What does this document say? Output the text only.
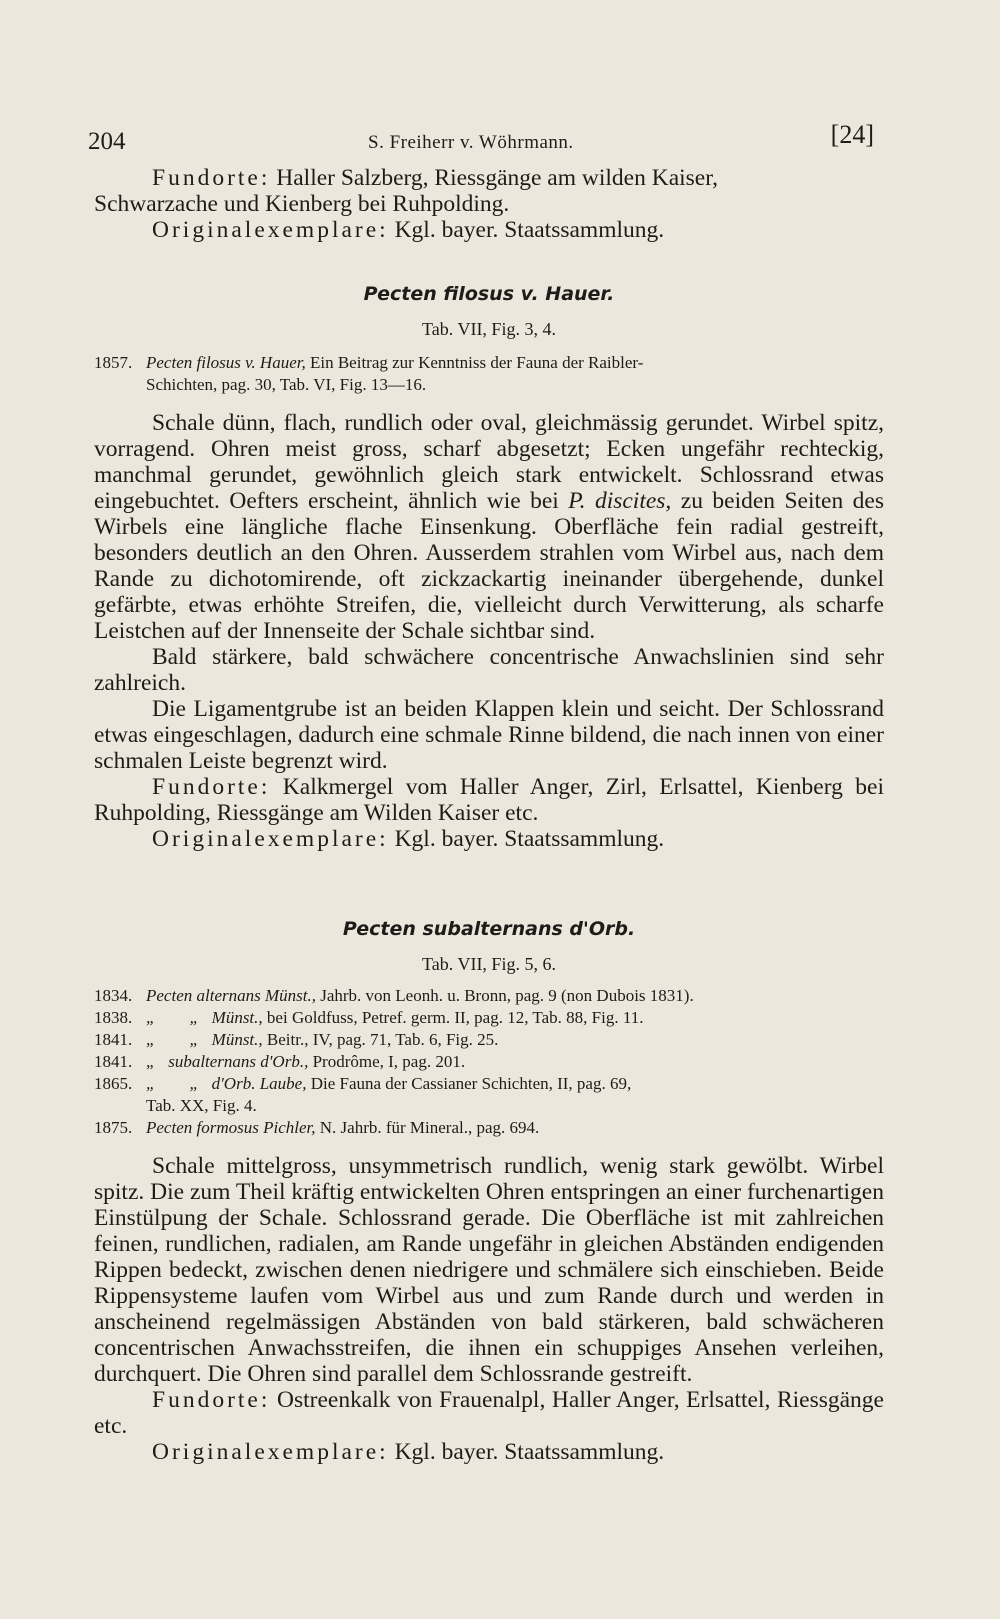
204	S. Freiherr v. Wöhrmann.	[24]

Fundorte: Haller Salzberg, Riessgänge am wilden Kaiser,

Schwarzache und Kienberg bei Ruhpolding.

Originalexemplare: Kgl. bayer. Staatssammlung.

Pecten filosus v. Hauer.

Tab. VII, Fig. 3, 4.

1857. Pecten filosus v. Hauer, Ein Beitrag zur Kenntniss der Fauna der Raibler-
Schichten, pag. 30, Tab. VI, Fig. 13—16.

Schale dünn, flach, rundlich oder oval, gleichmässig gerundet. Wirbel spitz, vorragend. Ohren meist gross, scharf abgesetzt; Ecken ungefähr rechteckig, manchmal gerundet, gewöhnlich gleich stark entwickelt. Schlossrand etwas eingebuchtet. Oefters erscheint, ähnlich wie bei P. discites, zu beiden Seiten des Wirbels eine längliche flache Einsenkung. Oberfläche fein radial gestreift, besonders deutlich an den Ohren. Ausserdem strahlen vom Wirbel aus, nach dem Rande zu dichotomirende, oft zickzackartig ineinander übergehende, dunkel gefärbte, etwas erhöhte Streifen, die, vielleicht durch Verwitterung, als scharfe Leistchen auf der Innenseite der Schale sichtbar sind.

Bald stärkere, bald schwächere concentrische Anwachslinien sind sehr zahlreich.

Die Ligamentgrube ist an beiden Klappen klein und seicht. Der Schlossrand etwas eingeschlagen, dadurch eine schmale Rinne bildend, die nach innen von einer schmalen Leiste begrenzt wird.

Fundorte: Kalkmergel vom Haller Anger, Zirl, Erlsattel, Kienberg bei Ruhpolding, Riessgänge am Wilden Kaiser etc.

Originalexemplare: Kgl. bayer. Staatssammlung.

Pecten subalternans d'Orb.

Tab. VII, Fig. 5, 6.

1834. Pecten alternans Münst., Jahrb. von Leonh. u. Bronn, pag. 9 (non Dubois 1831).
1838. „        „   Münst., bei Goldfuss, Petref. germ. II, pag. 12, Tab. 88, Fig. 11.
1841. „        „   Münst., Beitr., IV, pag. 71, Tab. 6, Fig. 25.
1841. „   subalternans d'Orb., Prodrôme, I, pag. 201.
1865. „        „   d'Orb. Laube, Die Fauna der Cassianer Schichten, II, pag. 69,
Tab. XX, Fig. 4.
1875. Pecten formosus Pichler, N. Jahrb. für Mineral., pag. 694.

Schale mittelgross, unsymmetrisch rundlich, wenig stark gewölbt. Wirbel spitz. Die zum Theil kräftig entwickelten Ohren entspringen an einer furchenartigen Einstülpung der Schale. Schlossrand gerade. Die Oberfläche ist mit zahlreichen feinen, rundlichen, radialen, am Rande ungefähr in gleichen Abständen endigenden Rippen bedeckt, zwischen denen niedrigere und schmälere sich einschieben. Beide Rippensysteme laufen vom Wirbel aus und zum Rande durch und werden in anscheinend regelmässigen Abständen von bald stärkeren, bald schwächeren concentrischen Anwachsstreifen, die ihnen ein schuppiges Ansehen verleihen, durchquert. Die Ohren sind parallel dem Schlossrande gestreift.

Fundorte: Ostreenkalk von Frauenalpl, Haller Anger, Erlsattel, Riessgänge etc.

Originalexemplare: Kgl. bayer. Staatssammlung.
